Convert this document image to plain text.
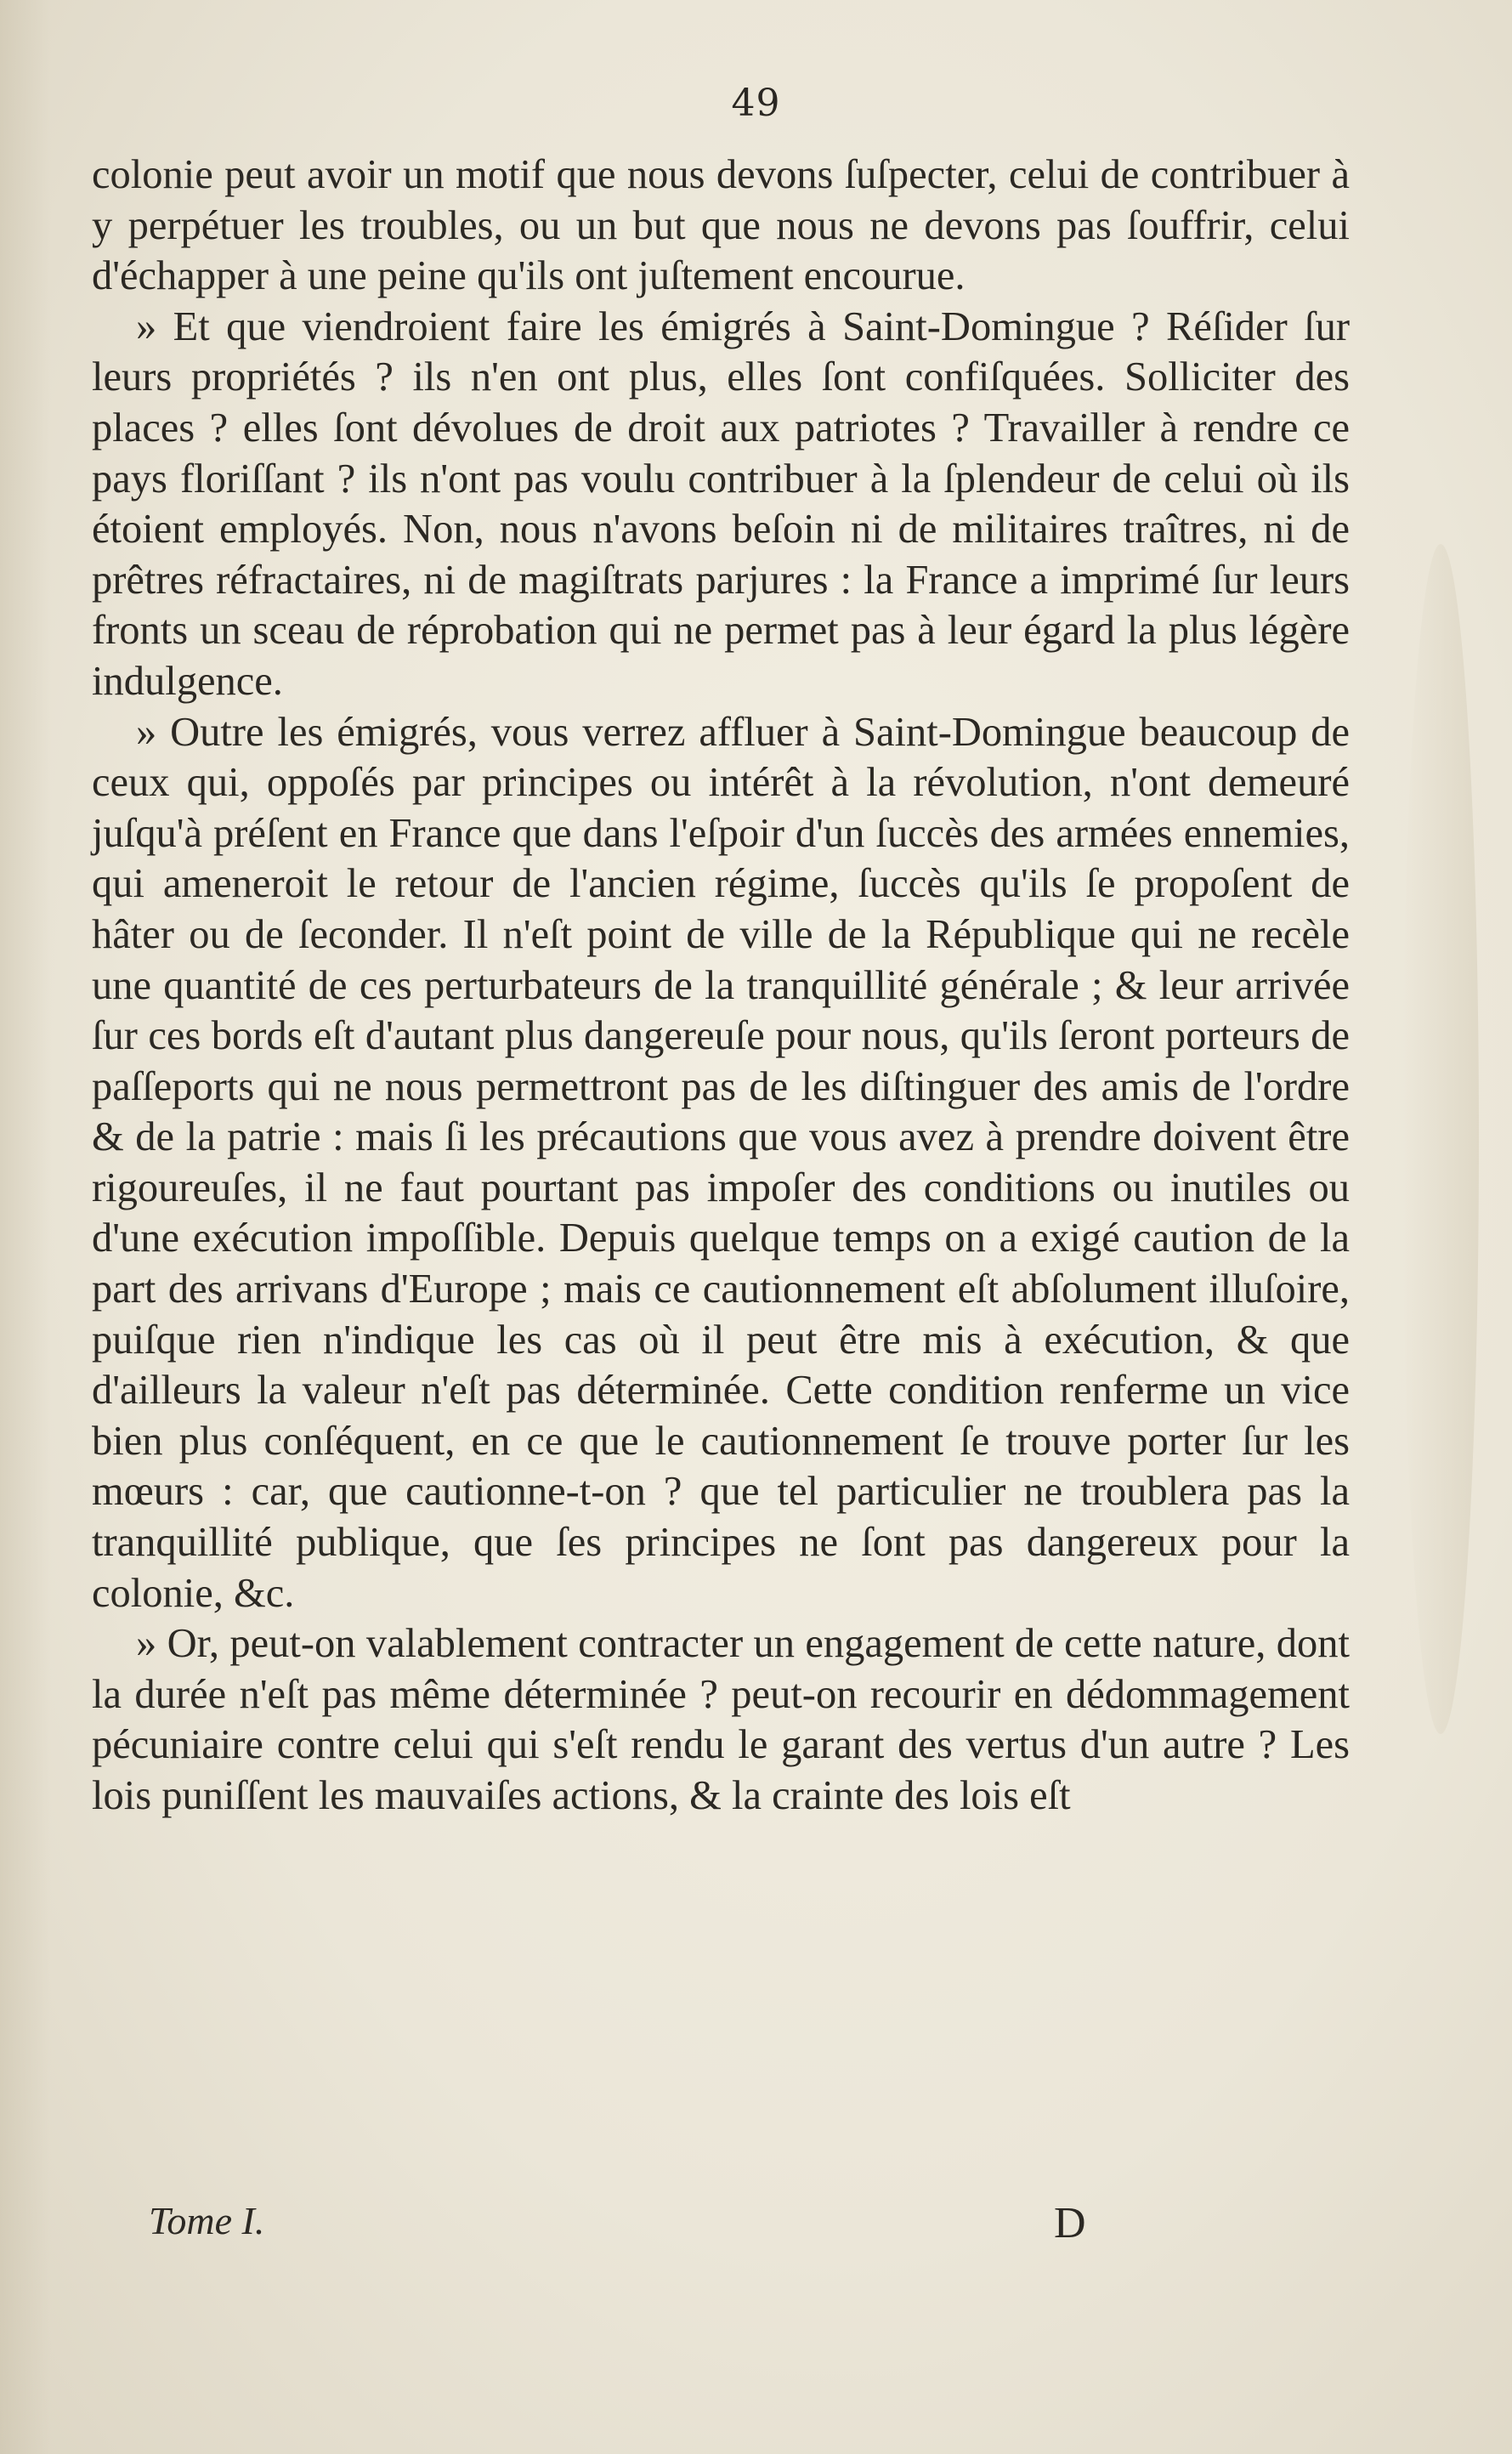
49

colonie peut avoir un motif que nous devons ſuſpecter, celui de contribuer à y perpétuer les troubles, ou un but que nous ne devons pas ſouffrir, celui d'échapper à une peine qu'ils ont juſtement encourue.

» Et que viendroient faire les émigrés à Saint-Domingue ? Réſider ſur leurs propriétés ? ils n'en ont plus, elles ſont confiſquées. Solliciter des places ? elles ſont dévolues de droit aux patriotes ? Travailler à rendre ce pays floriſſant ? ils n'ont pas voulu contribuer à la ſplendeur de celui où ils étoient employés. Non, nous n'avons beſoin ni de militaires traîtres, ni de prêtres réfractaires, ni de magiſtrats parjures : la France a imprimé ſur leurs fronts un sceau de réprobation qui ne permet pas à leur égard la plus légère indulgence.

» Outre les émigrés, vous verrez affluer à Saint-Domingue beaucoup de ceux qui, oppoſés par principes ou intérêt à la révolution, n'ont demeuré juſqu'à préſent en France que dans l'eſpoir d'un ſuccès des armées ennemies, qui ameneroit le retour de l'ancien régime, ſuccès qu'ils ſe propoſent de hâter ou de ſeconder. Il n'eſt point de ville de la République qui ne recèle une quantité de ces perturbateurs de la tranquillité générale ; & leur arrivée ſur ces bords eſt d'autant plus dangereuſe pour nous, qu'ils ſeront porteurs de paſſeports qui ne nous permettront pas de les diſtinguer des amis de l'ordre & de la patrie : mais ſi les précautions que vous avez à prendre doivent être rigoureuſes, il ne faut pourtant pas impoſer des conditions ou inutiles ou d'une exécution impoſſible. Depuis quelque temps on a exigé caution de la part des arrivans d'Europe ; mais ce cautionnement eſt abſolument illuſoire, puiſque rien n'indique les cas où il peut être mis à exécution, & que d'ailleurs la valeur n'eſt pas déterminée. Cette condition renferme un vice bien plus conſéquent, en ce que le cautionnement ſe trouve porter ſur les mœurs : car, que cautionne-t-on ? que tel particulier ne troublera pas la tranquillité publique, que ſes principes ne ſont pas dangereux pour la colonie, &c.

» Or, peut-on valablement contracter un engagement de cette nature, dont la durée n'eſt pas même déterminée ? peut-on recourir en dédommagement pécuniaire contre celui qui s'eſt rendu le garant des vertus d'un autre ? Les lois puniſſent les mauvaiſes actions, & la crainte des lois eſt

Tome I.	D
